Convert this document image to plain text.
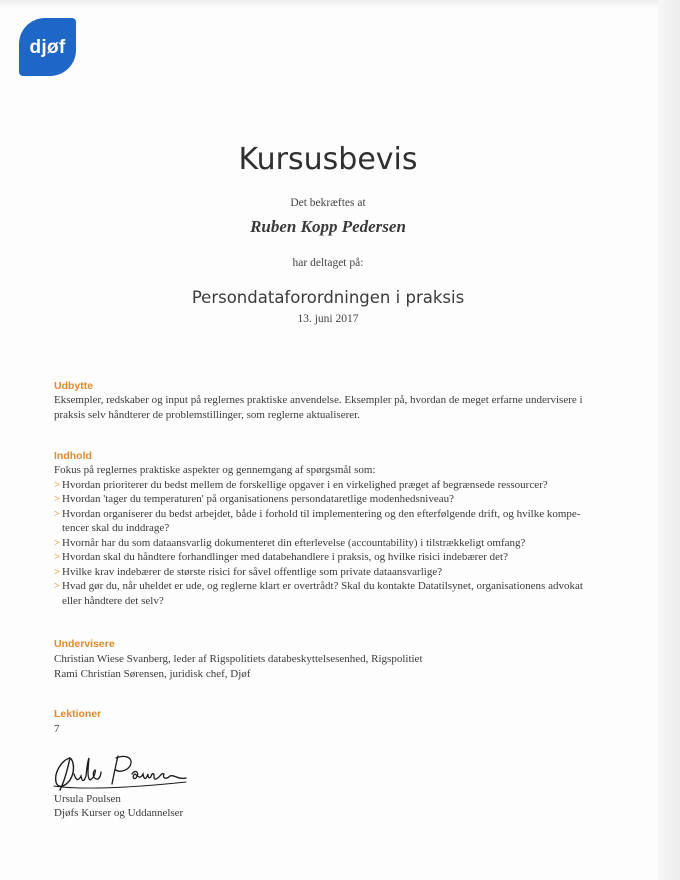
djøf
Kursusbevis
Det bekræftes at
Ruben Kopp Pedersen
har deltaget på:
Persondataforordningen i praksis
13. juni 2017
Udbytte
Eksempler, redskaber og input på reglernes praktiske anvendelse. Eksempler på, hvordan de meget erfarne undervisere i
praksis selv håndterer de problemstillinger, som reglerne aktualiserer.
Indhold
Fokus på reglernes praktiske aspekter og gennemgang af spørgsmål som:
> Hvordan prioriterer du bedst mellem de forskellige opgaver i en virkelighed præget af begrænsede ressourcer?
> Hvordan 'tager du temperaturen' på organisationens persondataretlige modenhedsniveau?
> Hvordan organiserer du bedst arbejdet, både i forhold til implementering og den efterfølgende drift, og hvilke kompe-
tencer skal du inddrage?
> Hvornår har du som dataansvarlig dokumenteret din efterlevelse (accountability) i tilstrækkeligt omfang?
> Hvordan skal du håndtere forhandlinger med databehandlere i praksis, og hvilke risici indebærer det?
> Hvilke krav indebærer de største risici for såvel offentlige som private dataansvarlige?
> Hvad gør du, når uheldet er ude, og reglerne klart er overtrådt? Skal du kontakte Datatilsynet, organisationens advokat
eller håndtere det selv?
Undervisere
Christian Wiese Svanberg, leder af Rigspolitiets databeskyttelsesenhed, Rigspolitiet
Rami Christian Sørensen, juridisk chef, Djøf
Lektioner
7
Ursula Poulsen
Djøfs Kurser og Uddannelser
